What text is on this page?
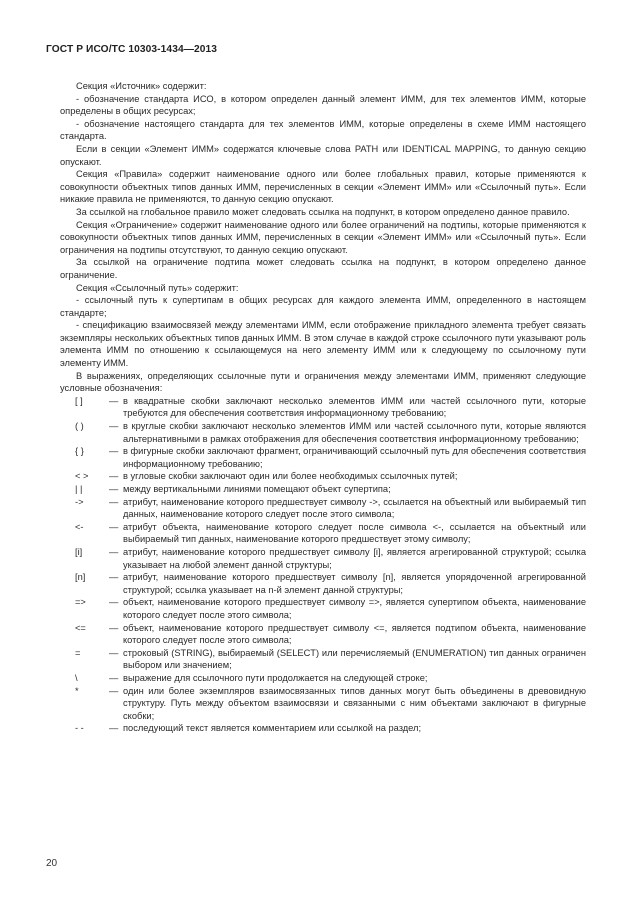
ГОСТ Р ИСО/ТС 10303-1434—2013
Секция «Источник» содержит:
- обозначение стандарта ИСО, в котором определен данный элемент ИММ, для тех элементов ИММ, которые определены в общих ресурсах;
- обозначение настоящего стандарта для тех элементов ИММ, которые определены в схеме ИММ настоящего стандарта.
Если в секции «Элемент ИММ» содержатся ключевые слова PATH или IDENTICAL MAPPING, то данную секцию опускают.
Секция «Правила» содержит наименование одного или более глобальных правил, которые применяются к совокупности объектных типов данных ИММ, перечисленных в секции «Элемент ИММ» или «Ссылочный путь». Если никакие правила не применяются, то данную секцию опускают.
За ссылкой на глобальное правило может следовать ссылка на подпункт, в котором определено данное правило.
Секция «Ограничение» содержит наименование одного или более ограничений на подтипы, которые применяются к совокупности объектных типов данных ИММ, перечисленных в секции «Элемент ИММ» или «Ссылочный путь». Если ограничения на подтипы отсутствуют, то данную секцию опускают.
За ссылкой на ограничение подтипа может следовать ссылка на подпункт, в котором определено данное ограничение.
Секция «Ссылочный путь» содержит:
- ссылочный путь к супертипам в общих ресурсах для каждого элемента ИММ, определенного в настоящем стандарте;
- спецификацию взаимосвязей между элементами ИММ, если отображение прикладного элемента требует связать экземпляры нескольких объектных типов данных ИММ. В этом случае в каждой строке ссылочного пути указывают роль элемента ИММ по отношению к ссылающемуся на него элементу ИММ или к следующему по ссылочному пути элементу ИММ.
В выражениях, определяющих ссылочные пути и ограничения между элементами ИММ, применяют следующие условные обозначения:
[ ]	— в квадратные скобки заключают несколько элементов ИММ или частей ссылочного пути, которые требуются для обеспечения соответствия информационному требованию;
( )	— в круглые скобки заключают несколько элементов ИММ или частей ссылочного пути, которые являются альтернативными в рамках отображения для обеспечения соответствия информационному требованию;
{ }	— в фигурные скобки заключают фрагмент, ограничивающий ссылочный путь для обеспечения соответствия информационному требованию;
< >	— в угловые скобки заключают один или более необходимых ссылочных путей;
| |	— между вертикальными линиями помещают объект супертипа;
->	— атрибут, наименование которого предшествует символу ->, ссылается на объектный или выбираемый тип данных, наименование которого следует после этого символа;
<-	— атрибут объекта, наименование которого следует после символа <-, ссылается на объектный или выбираемый тип данных, наименование которого предшествует этому символу;
[i]	— атрибут, наименование которого предшествует символу [i], является агрегированной структурой; ссылка указывает на любой элемент данной структуры;
[n]	— атрибут, наименование которого предшествует символу [n], является упорядоченной агрегированной структурой; ссылка указывает на n-й элемент данной структуры;
=>	— объект, наименование которого предшествует символу =>, является супертипом объекта, наименование которого следует после этого символа;
<=	— объект, наименование которого предшествует символу <=, является подтипом объекта, наименование которого следует после этого символа;
=	— строковый (STRING), выбираемый (SELECT) или перечисляемый (ENUMERATION) тип данных ограничен выбором или значением;
\	— выражение для ссылочного пути продолжается на следующей строке;
*	— один или более экземпляров взаимосвязанных типов данных могут быть объединены в древовидную структуру. Путь между объектом взаимосвязи и связанными с ним объектами заключают в фигурные скобки;
- -	— последующий текст является комментарием или ссылкой на раздел;
20
